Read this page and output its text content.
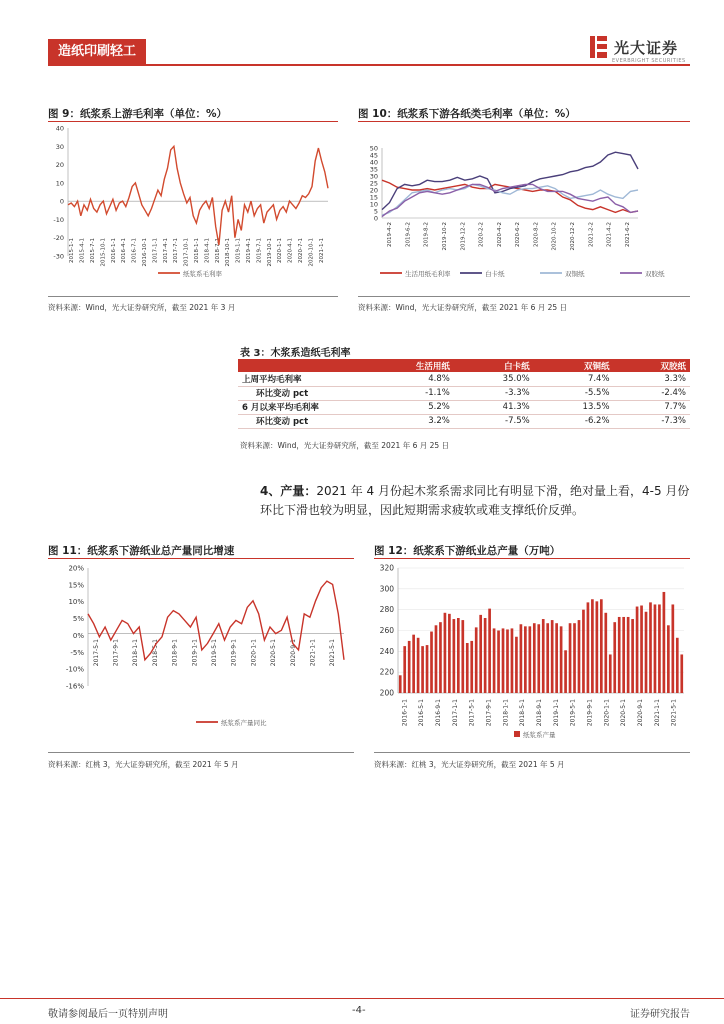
造纸印刷轻工	光大证券
EVERBRIGHT SECURITIES
图 9：纸浆系上游毛利率（单位：%）
40
30
20
10
0
-10
-20
-30 2015-1-1 2015-4-1 2015-7-1 2015-10-1 2016-1-1 2016-4-1 2016-7-1 2016-10-1 2017-1-1 2017-4-1 2017-7-1 2017-10-1 2018-1-1 2018-4-1 2018-7-1 2018-10-1 2019-1-1 2019-4-1 2019-7-1 2019-10-1 2020-1-1 2020-4-1 2020-7-1 2020-10-1 2021-1-1
纸浆系毛利率
资料来源：Wind，光大证券研究所，截至 2021 年 3 月
图 10：纸浆系下游各纸类毛利率（单位：%）
50
45
40
35
30
25
20
15
10
5
0
2019-4-2 2019-6-2 2019-8-2 2019-10-2 2019-12-2 2020-2-2 2020-4-2 2020-6-2 2020-8-2 2020-10-2 2020-12-2 2021-2-2 2021-4-2 2021-6-2
生活用纸毛利率	白卡纸	双铜纸	双胶纸
资料来源：Wind，光大证券研究所，截至 2021 年 6 月 25 日
表 3：木浆系造纸毛利率
	生活用纸	白卡纸	双铜纸	双胶纸
上周平均毛利率	4.8%	35.0%	7.4%	3.3%
环比变动 pct	-1.1%	-3.3%	-5.5%	-2.4%
6 月以来平均毛利率	5.2%	41.3%	13.5%	7.7%
环比变动 pct	3.2%	-7.5%	-6.2%	-7.3%
资料来源：Wind，光大证券研究所，截至 2021 年 6 月 25 日
4、产量：2021 年 4 月份起木浆系需求同比有明显下滑，绝对量上看，4-5 月份环比下滑也较为明显，因此短期需求疲软或难支撑纸价反弹。
图 11：纸浆系下游纸业总产量同比增速
20%
15%
10%
5%
0%
-5%
-10%
-16%
2017-5-1 2017-9-1 2018-1-1 2018-5-1 2018-9-1 2019-1-1 2019-5-1 2019-9-1 2020-1-1 2020-5-1 2020-9-1 2021-1-1 2021-5-1
纸浆系产量同比
资料来源：红桃 3，光大证券研究所，截至 2021 年 5 月
图 12：纸浆系下游纸业总产量（万吨）
320
300
280
260
240
220
200
2016-1-1 2016-5-1 2016-9-1 2017-1-1 2017-5-1 2017-9-1 2018-1-1 2018-5-1 2018-9-1 2019-1-1 2019-5-1 2019-9-1 2020-1-1 2020-5-1 2020-9-1 2021-1-1 2021-5-1
纸浆系产量
资料来源：红桃 3，光大证券研究所，截至 2021 年 5 月
敬请参阅最后一页特别声明	-4-	证券研究报告
